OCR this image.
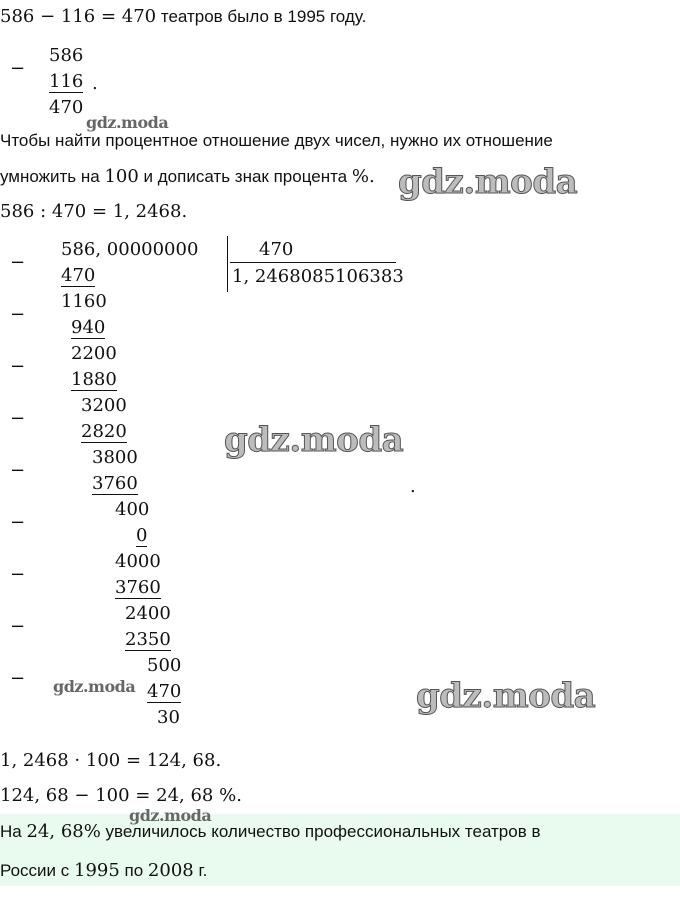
586 − 116 = 470 театров было в 1995 году.
−
586
116 .
470
Чтобы найти процентное отношение двух чисел, нужно их отношение
умножить на 100 и дописать знак процента %.
586 : 470 = 1, 2468.
470
1, 2468085106383
−
586, 00000000
470
−
1160
940
−
2200
1880
−
3200
2820
−
3800
3760
−
400
0
−
4000
3760
−
2400
2350
−
500
470
30
.
1, 2468 · 100 = 124, 68.
124, 68 − 100 = 24, 68 %.
На 24, 68% увеличилось количество профессиональных театров в
России с 1995 по 2008 г.
gdz.moda
gdz.moda
gdz.moda
gdz.moda	gdz.moda
gdz.moda
